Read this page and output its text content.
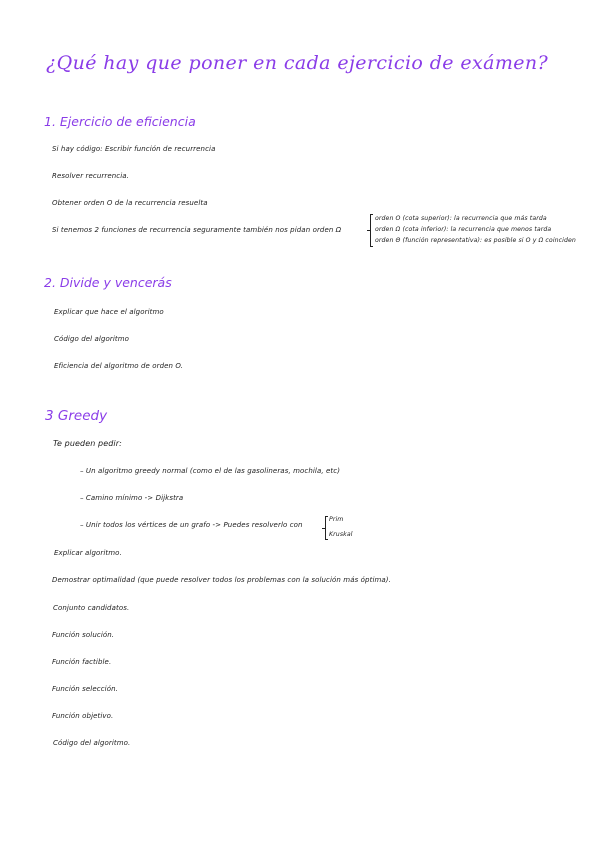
¿Qué hay que poner en cada ejercicio de exámen?
1. Ejercicio de eficiencia
Si hay código: Escribir función de recurrencia
Resolver recurrencia.
Obtener orden O de la recurrencia resuelta
Si tenemos 2 funciones de recurrencia seguramente también nos pidan orden Ω
orden O (cota superior): la recurrencia que más tarda
orden Ω (cota inferior): la recurrencia que menos tarda
orden Θ (función representativa): es posible si O y Ω coinciden
2. Divide y vencerás
Explicar que hace el algoritmo
Código del algoritmo
Eficiencia del algoritmo de orden O.
3 Greedy
Te pueden pedir:
– Un algoritmo greedy normal (como el de las gasolineras, mochila, etc)
– Camino mínimo -> Dijkstra
– Unir todos los vértices de un grafo -> Puedes resolverlo con
Prim
Kruskal
Explicar algoritmo.
Demostrar optimalidad (que puede resolver todos los problemas con la solución más óptima).
Conjunto candidatos.
Función solución.
Función factible.
Función selección.
Función objetivo.
Código del algoritmo.
